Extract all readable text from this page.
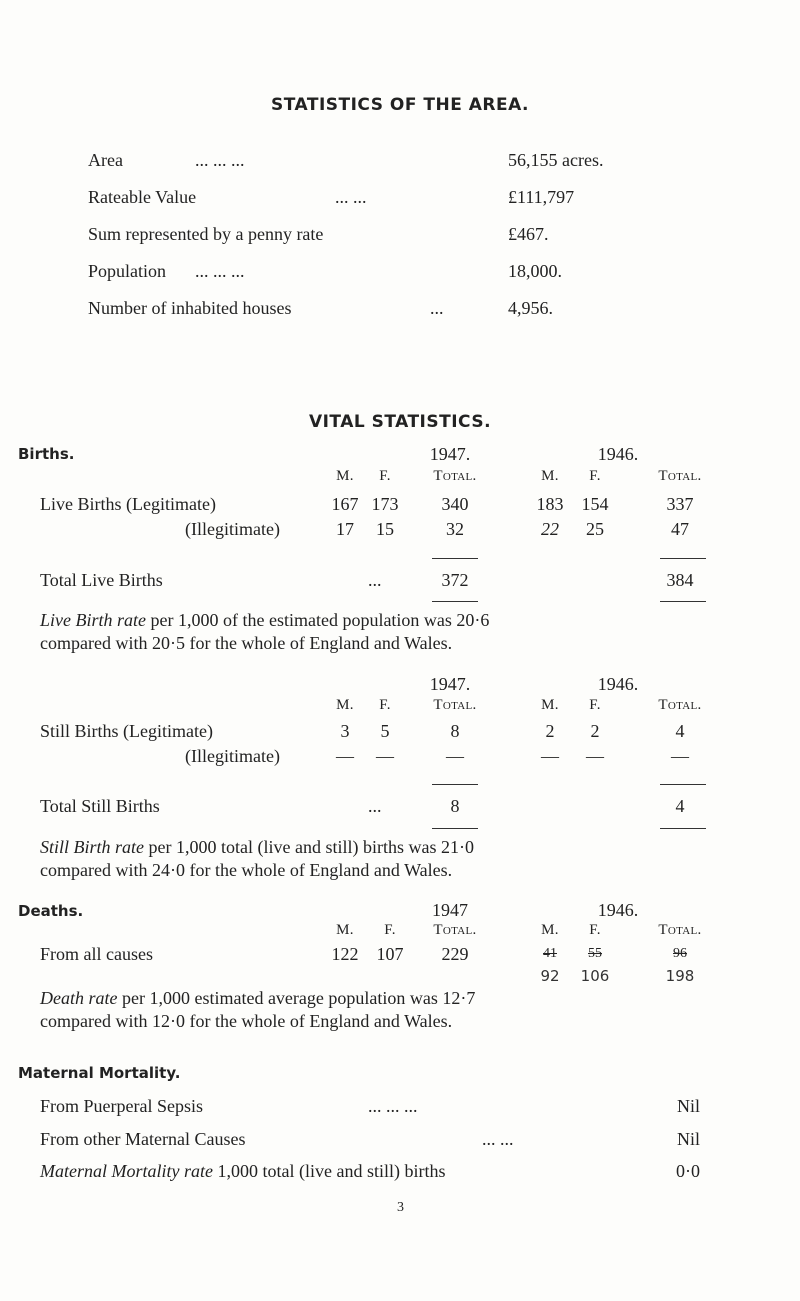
STATISTICS OF THE AREA.
Area	... ... ...	56,155 acres.
Rateable Value	... ...	£111,797
Sum represented by a penny rate	£467.
Population ... ... ...	18,000.
Number of inhabited houses	...	4,956.
VITAL STATISTICS.
Births.	1947.	1946.
M.	F.	Total.	M.	F.	Total.
Live Births (Legitimate)	167 173	340	183	154	337
(Illegitimate)	17	15	32	22	25	47
Total Live Births	...	372	384
Live Birth rate per 1,000 of the estimated population was 20·6
compared with 20·5 for the whole of England and Wales.
1947.	1946.
M.	F.	Total.	M.	F.	Total.
Still Births (Legitimate)	3	5	8	2	2	4
(Illegitimate)	—	—	—	—	—	—
Total Still Births	...	8	4
Still Birth rate per 1,000 total (live and still) births was 21·0
compared with 24·0 for the whole of England and Wales.
Deaths.	1947	1946.
M.	F.	Total.	M.	F.	Total.
From all causes	122	107	229	41	55	96
92	106	198
Death rate per 1,000 estimated average population was 12·7
compared with 12·0 for the whole of England and Wales.
Maternal Mortality.
From Puerperal Sepsis	... ... ...	Nil
From other Maternal Causes	... ...	Nil
Maternal Mortality rate 1,000 total (live and still) births	0·0
3
